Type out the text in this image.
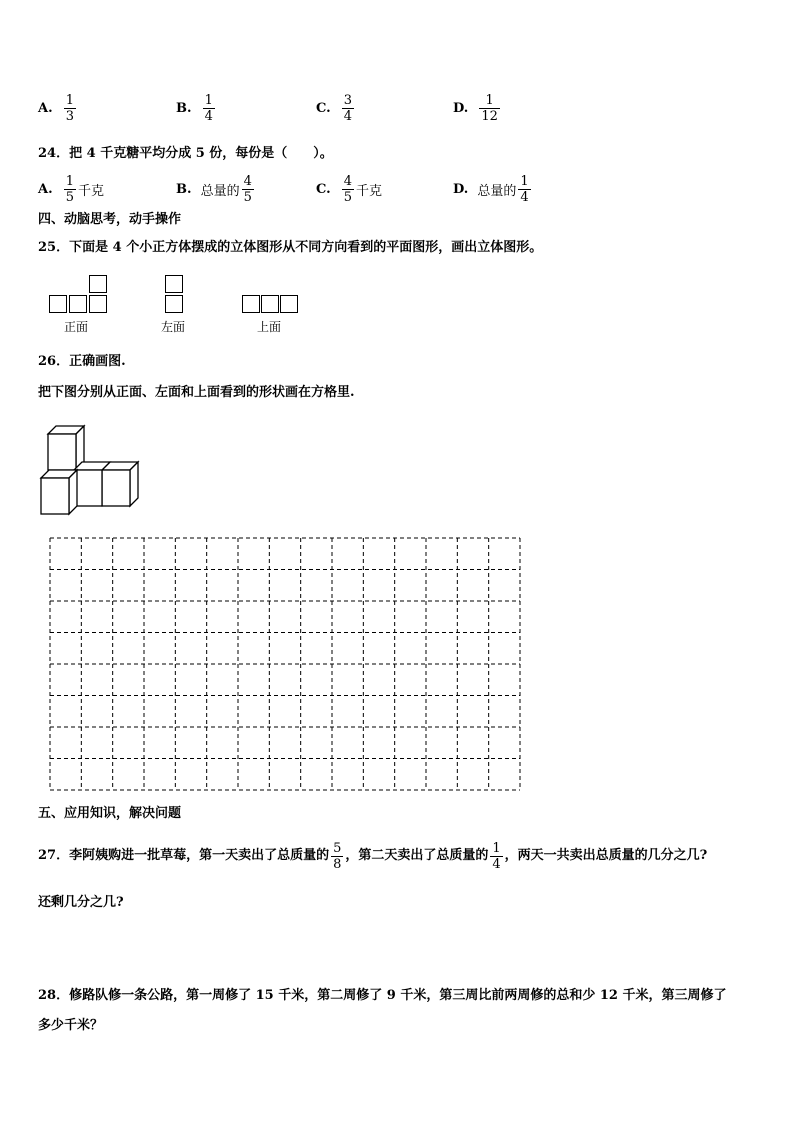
A.
$\frac{1}{3}$	B.
$\frac{1}{4}$	C.
$\frac{3}{4}$	D.
$\frac{1}{12}$
24．把 4 千克糖平均分成 5 份，每份是（　　）。
A.
$\frac{1}{5}$ 千克	B.
总量的 $\frac{4}{5}$	C.
$\frac{4}{5}$ 千克	D.
总量的 $\frac{1}{4}$
四、动脑思考，动手操作
25．下面是 4 个小正方体摆成的立体图形从不同方向看到的平面图形，画出立体图形。
正面	左面	上面
26．正确画图.
把下图分别从正面、左面和上面看到的形状画在方格里.
五、应用知识，解决问题
27．李阿姨购进一批草莓，第一天卖出了总质量的 $\frac{5}{8}$ ，第二天卖出了总质量的 $\frac{1}{4}$ ，两天一共卖出总质量的几分之几?
还剩几分之几?
28．修路队修一条公路，第一周修了 15 千米，第二周修了 9 千米，第三周比前两周修的总和少 12 千米，第三周修了
多少千米？
